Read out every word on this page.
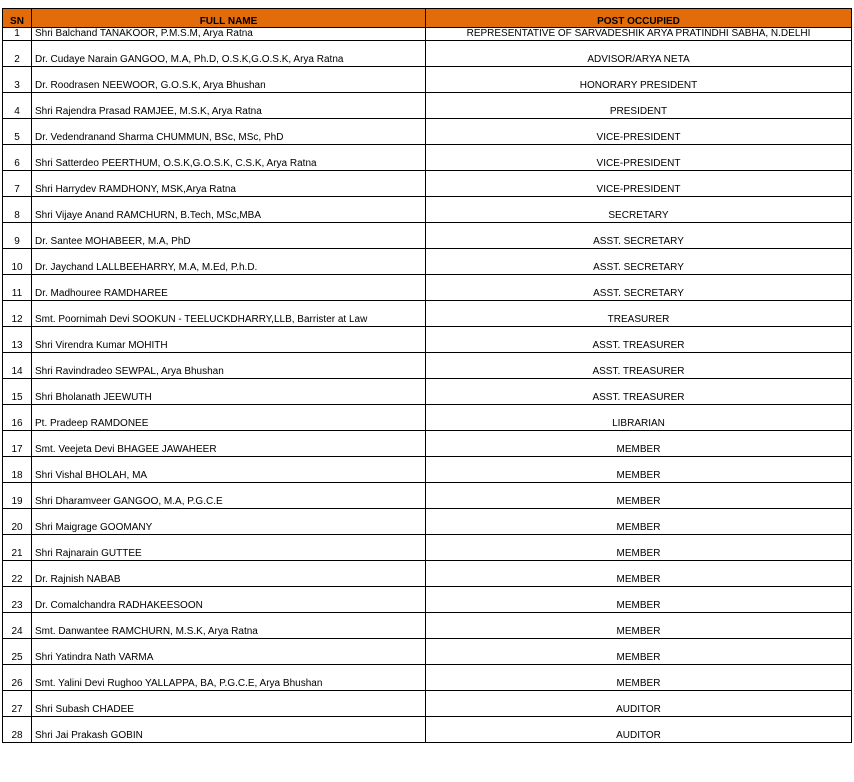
SN	FULL NAME	POST OCCUPIED
1	Shri Balchand TANAKOOR, P.M.S.M, Arya Ratna	REPRESENTATIVE OF SARVADESHIK ARYA PRATINDHI SABHA, N.DELHI
2	Dr. Cudaye Narain GANGOO, M.A, Ph.D, O.S.K,G.O.S.K, Arya Ratna	ADVISOR/ARYA NETA
3	Dr. Roodrasen NEEWOOR, G.O.S.K, Arya Bhushan	HONORARY PRESIDENT
4	Shri Rajendra Prasad RAMJEE, M.S.K, Arya Ratna	PRESIDENT
5	Dr. Vedendranand Sharma CHUMMUN, BSc, MSc, PhD	VICE-PRESIDENT
6	Shri Satterdeo PEERTHUM, O.S.K,G.O.S.K, C.S.K, Arya Ratna	VICE-PRESIDENT
7	Shri Harrydev RAMDHONY, MSK,Arya Ratna	VICE-PRESIDENT
8	Shri Vijaye Anand RAMCHURN, B.Tech, MSc,MBA	SECRETARY
9	Dr. Santee MOHABEER, M.A, PhD	ASST. SECRETARY
10	Dr. Jaychand LALLBEEHARRY, M.A, M.Ed, P.h.D.	ASST. SECRETARY
11	Dr. Madhouree RAMDHAREE	ASST. SECRETARY
12	Smt. Poornimah Devi SOOKUN - TEELUCKDHARRY,LLB, Barrister at Law	TREASURER
13	Shri Virendra Kumar MOHITH	ASST. TREASURER
14	Shri Ravindradeo SEWPAL, Arya Bhushan	ASST. TREASURER
15	Shri Bholanath JEEWUTH	ASST. TREASURER
16	Pt. Pradeep RAMDONEE	LIBRARIAN
17	Smt. Veejeta Devi BHAGEE JAWAHEER	MEMBER
18	Shri Vishal BHOLAH, MA	MEMBER
19	Shri Dharamveer GANGOO, M.A, P.G.C.E	MEMBER
20	Shri Maigrage GOOMANY	MEMBER
21	Shri Rajnarain GUTTEE	MEMBER
22	Dr. Rajnish NABAB	MEMBER
23	Dr. Comalchandra RADHAKEESOON	MEMBER
24	Smt. Danwantee RAMCHURN, M.S.K, Arya Ratna	MEMBER
25	Shri Yatindra Nath VARMA	MEMBER
26	Smt. Yalini Devi Rughoo YALLAPPA, BA, P.G.C.E, Arya Bhushan	MEMBER
27	Shri Subash CHADEE	AUDITOR
28	Shri Jai Prakash GOBIN	AUDITOR
